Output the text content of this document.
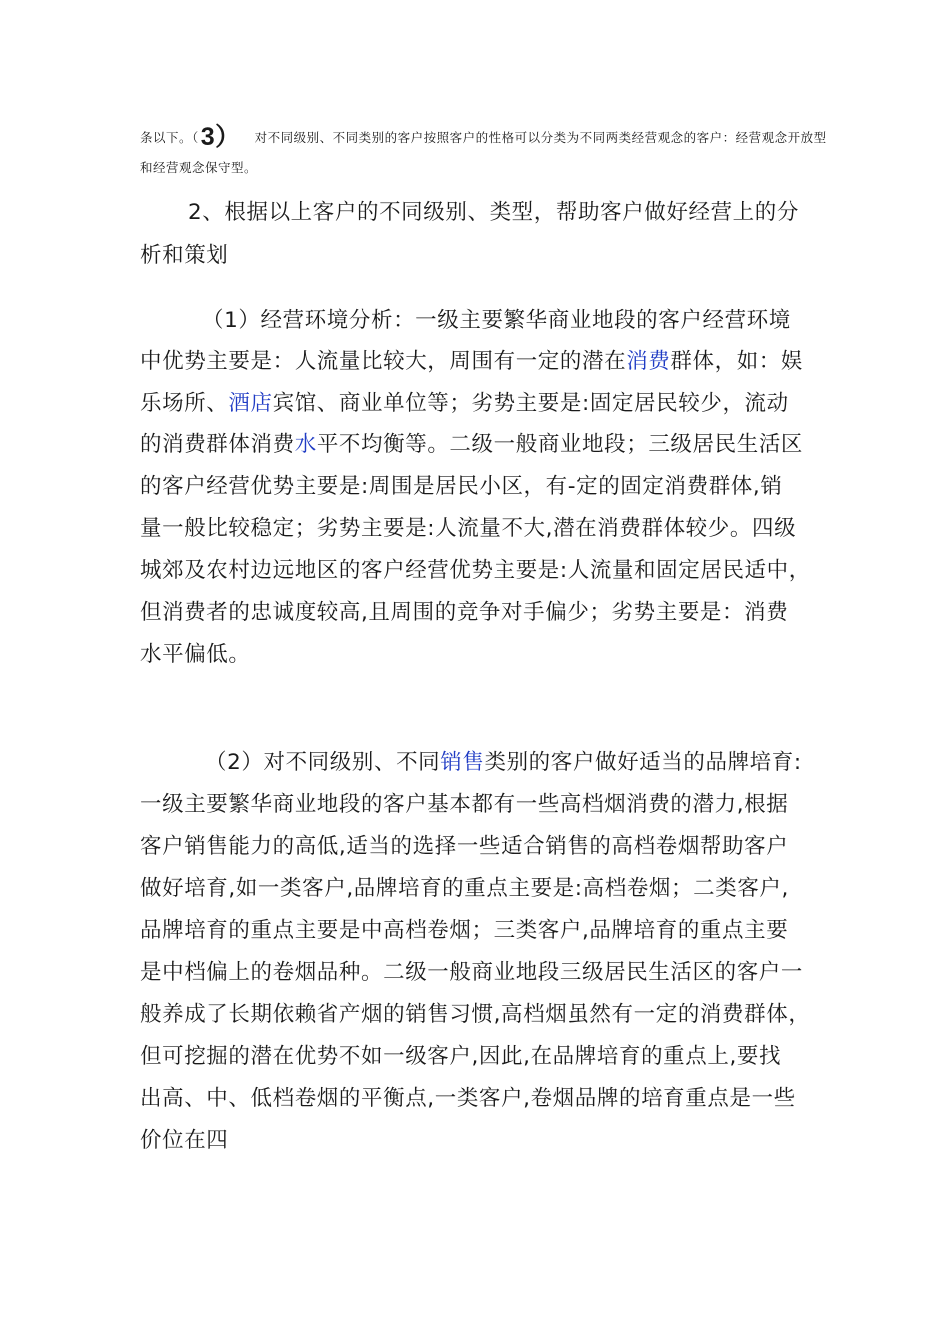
条以下。（3） 对不同级别、不同类别的客户按照客户的性格可以分类为不同两类经营观念的客户：经营观念开放型
和经营观念保守型。
2、根据以上客户的不同级别、类型，帮助客户做好经营上的分
析和策划
（1）经营环境分析：一级主要繁华商业地段的客户经营环境
中优势主要是：人流量比较大，周围有一定的潜在消费群体，如：娱
乐场所、酒店宾馆、商业单位等；劣势主要是:固定居民较少，流动
的消费群体消费水平不均衡等。二级一般商业地段；三级居民生活区
的客户经营优势主要是:周围是居民小区，有-定的固定消费群体,销
量一般比较稳定；劣势主要是:人流量不大,潜在消费群体较少。四级
城郊及农村边远地区的客户经营优势主要是:人流量和固定居民适中，
但消费者的忠诚度较高,且周围的竞争对手偏少；劣势主要是：消费
水平偏低。
（2）对不同级别、不同销售类别的客户做好适当的品牌培育:
一级主要繁华商业地段的客户基本都有一些高档烟消费的潜力,根据
客户销售能力的高低,适当的选择一些适合销售的高档卷烟帮助客户
做好培育,如一类客户,品牌培育的重点主要是:高档卷烟；二类客户,
品牌培育的重点主要是中高档卷烟；三类客户,品牌培育的重点主要
是中档偏上的卷烟品种。二级一般商业地段三级居民生活区的客户一
般养成了长期依赖省产烟的销售习惯,高档烟虽然有一定的消费群体，
但可挖掘的潜在优势不如一级客户,因此,在品牌培育的重点上,要找
出高、中、低档卷烟的平衡点,一类客户,卷烟品牌的培育重点是一些
价位在四
